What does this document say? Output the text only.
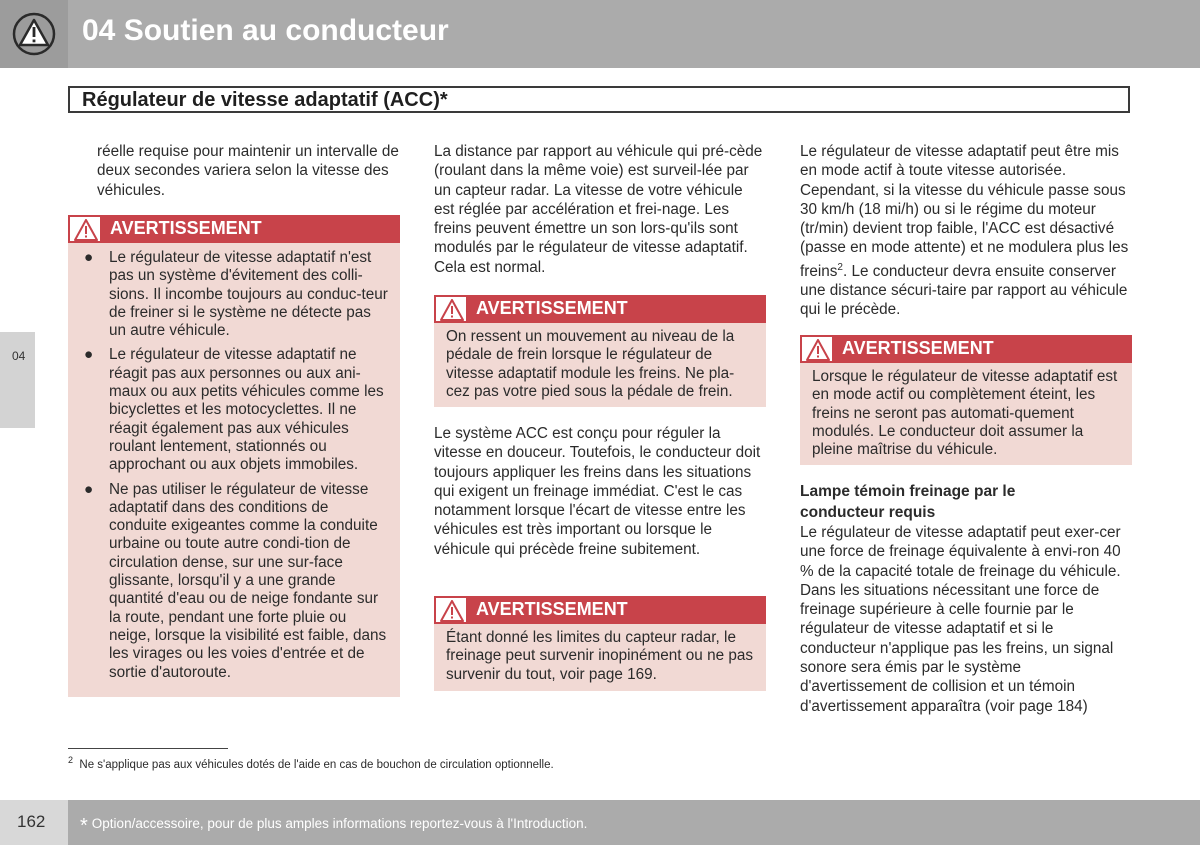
04 Soutien au conducteur
Régulateur de vitesse adaptatif (ACC)*
04

réelle requise pour maintenir un intervalle de deux secondes variera selon la vitesse des véhicules.

AVERTISSEMENT
● Le régulateur de vitesse adaptatif n'est pas un système d'évitement des colli-sions. Il incombe toujours au conduc-teur de freiner si le système ne détecte pas un autre véhicule.
● Le régulateur de vitesse adaptatif ne réagit pas aux personnes ou aux ani-maux ou aux petits véhicules comme les bicyclettes et les motocyclettes. Il ne réagit également pas aux véhicules roulant lentement, stationnés ou approchant ou aux objets immobiles.
● Ne pas utiliser le régulateur de vitesse adaptatif dans des conditions de conduite exigeantes comme la conduite urbaine ou toute autre condi-tion de circulation dense, sur une sur-face glissante, lorsqu'il y a une grande quantité d'eau ou de neige fondante sur la route, pendant une forte pluie ou neige, lorsque la visibilité est faible, dans les virages ou les voies d'entrée et de sortie d'autoroute.

La distance par rapport au véhicule qui pré-cède (roulant dans la même voie) est surveil-lée par un capteur radar. La vitesse de votre véhicule est réglée par accélération et frei-nage. Les freins peuvent émettre un son lors-qu'ils sont modulés par le régulateur de vitesse adaptatif. Cela est normal.

AVERTISSEMENT

On ressent un mouvement au niveau de la pédale de frein lorsque le régulateur de vitesse adaptatif module les freins. Ne pla-cez pas votre pied sous la pédale de frein.

Le système ACC est conçu pour réguler la vitesse en douceur. Toutefois, le conducteur doit toujours appliquer les freins dans les situations qui exigent un freinage immédiat. C'est le cas notamment lorsque l'écart de vitesse entre les véhicules est très important ou lorsque le véhicule qui précède freine subitement.

AVERTISSEMENT

Étant donné les limites du capteur radar, le freinage peut survenir inopinément ou ne pas survenir du tout, voir page 169.

Le régulateur de vitesse adaptatif peut être mis en mode actif à toute vitesse autorisée. Cependant, si la vitesse du véhicule passe sous 30 km/h (18 mi/h) ou si le régime du moteur (tr/min) devient trop faible, l'ACC est désactivé (passe en mode attente) et ne modulera plus les freins$^2$. Le conducteur devra ensuite conserver une distance sécuri-taire par rapport au véhicule qui le précède.

AVERTISSEMENT

Lorsque le régulateur de vitesse adaptatif est en mode actif ou complètement éteint, les freins ne seront pas automati-quement modulés. Le conducteur doit assumer la pleine maîtrise du véhicule.

Lampe témoin freinage par le conducteur requis

Le régulateur de vitesse adaptatif peut exer-cer une force de freinage équivalente à envi-ron 40 % de la capacité totale de freinage du véhicule. Dans les situations nécessitant une force de freinage supérieure à celle fournie par le régulateur de vitesse adaptatif et si le conducteur n'applique pas les freins, un signal sonore sera émis par le système d'avertissement de collision et un témoin d'avertissement apparaîtra (voir page 184)

$^2$ Ne s'applique pas aux véhicules dotés de l'aide en cas de bouchon de circulation optionnelle.
162 * Option/accessoire, pour de plus amples informations reportez-vous à l'Introduction.
